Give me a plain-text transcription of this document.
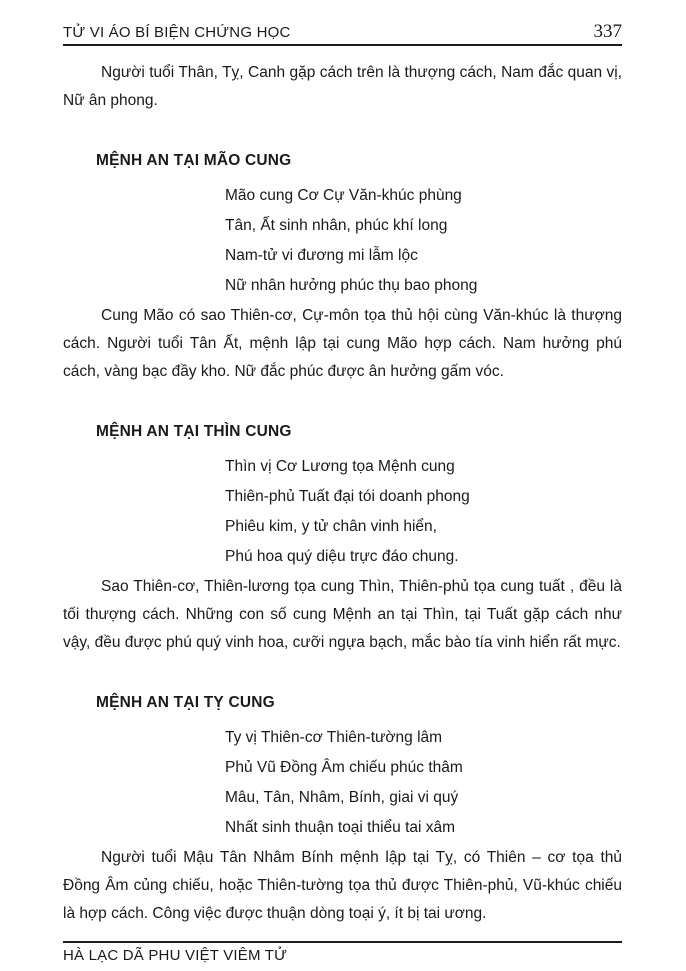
TỬ VI ÁO BÍ BIỆN CHỨNG HỌC	337

Người tuổi Thân, Tỵ, Canh gặp cách trên là thượng cách, Nam đắc quan vị, Nữ ân phong.

MỆNH AN TẠI MÃO CUNG
Mão cung Cơ Cự Văn-khúc phùng
Tân, Ất sinh nhân, phúc khí long
Nam-tử vi đương mi lẫm lộc
Nữ nhân hưởng phúc thụ bao phong

Cung Mão có sao Thiên-cơ, Cự-môn tọa thủ hội cùng Văn-khúc là thượng cách. Người tuổi Tân Ất, mệnh lập tại cung Mão hợp cách. Nam hưởng phú cách, vàng bạc đầy kho. Nữ đắc phúc được ân hưởng gấm vóc.

MỆNH AN TẠI THÌN CUNG
Thìn vị Cơ Lương tọa Mệnh cung
Thiên-phủ Tuất đại tói doanh phong
Phiêu kim, y tử chân vinh hiển,
Phú hoa quý diệu trực đáo chung.

Sao Thiên-cơ, Thiên-lương tọa cung Thìn, Thiên-phủ tọa cung tuất , đều là tối thượng cách. Những con số cung Mệnh an tại Thìn, tại Tuất gặp cách như vậy, đều được phú quý vinh hoa, cưỡi ngựa bạch, mắc bào tía vinh hiển rất mực.

MỆNH AN TẠI TỴ CUNG
Ty vị Thiên-cơ Thiên-tường lâm
Phủ Vũ Đồng Âm chiếu phúc thâm
Mâu, Tân, Nhâm, Bính, giai vi quý
Nhất sinh thuận toại thiểu tai xâm

Người tuổi Mậu Tân Nhâm Bính mệnh lập tại Tỵ, có Thiên – cơ tọa thủ Đồng Âm củng chiếu, hoặc Thiên-tường tọa thủ được Thiên-phủ, Vũ-khúc chiếu là hợp cách. Công việc được thuận dòng toại ý, ít bị tai ương.

HÀ LẠC DÃ PHU VIỆT VIÊM TỬ
